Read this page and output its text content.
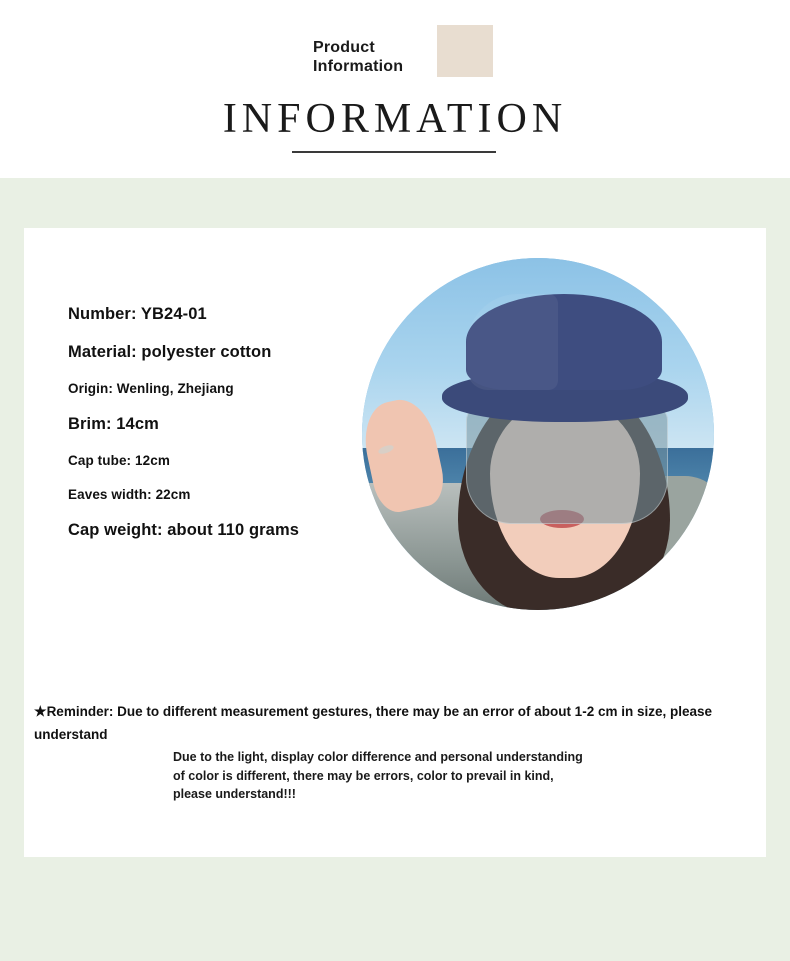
Product
Information
INFORMATION
Number: YB24-01
Material: polyester cotton
Origin: Wenling, Zhejiang
Brim: 14cm
Cap tube: 12cm
Eaves width: 22cm
Cap weight: about 110 grams
★Reminder: Due to different measurement gestures, there may be an error of about 1-2 cm in size, please understand
Due to the light, display color difference and personal understanding
of color is different, there may be errors, color to prevail in kind,
please understand!!!
